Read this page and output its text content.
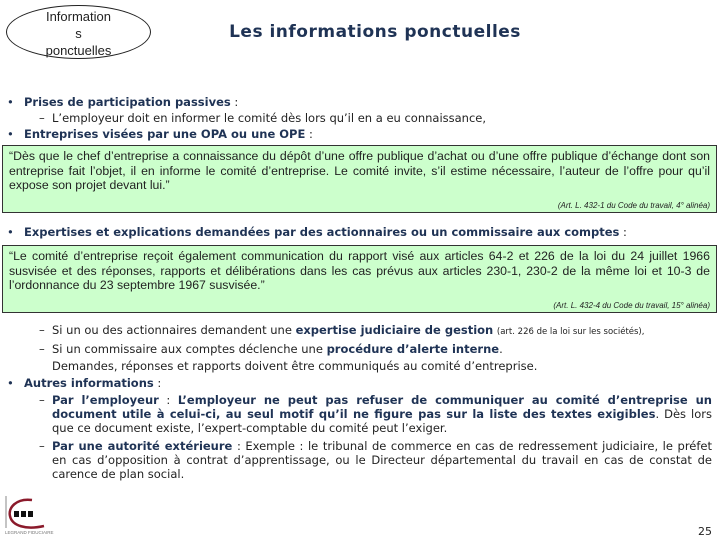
Information
s
ponctuelles
Les informations ponctuelles
• Prises de participation passives :
– L’employeur doit en informer le comité dès lors qu’il en a eu connaissance,
• Entreprises visées par une OPA ou une OPE :
“Dès que le chef d’entreprise a connaissance du dépôt d’une offre publique d’achat ou d’une offre publique d’échange dont son entreprise fait l’objet, il en informe le comité d’entreprise. Le comité invite, s’il estime nécessaire, l’auteur de l’offre pour qu’il expose son projet devant lui.”
(Art. L. 432-1 du Code du travail, 4° alinéa)
• Expertises et explications demandées par des actionnaires ou un commissaire aux comptes :
“Le comité d’entreprise reçoit également communication du rapport visé aux articles 64-2 et 226 de la loi du 24 juillet 1966 susvisée et des réponses, rapports et délibérations dans les cas prévus aux articles 230-1, 230-2 de la même loi et 10-3 de l’ordonnance du 23 septembre 1967 susvisée.”
(Art. L. 432-4 du Code du travail, 15° alinéa)
– Si un ou des actionnaires demandent une expertise judiciaire de gestion (art. 226 de la loi sur les sociétés),
– Si un commissaire aux comptes déclenche une procédure d’alerte interne.
Demandes, réponses et rapports doivent être communiqués au comité d’entreprise.
• Autres informations :
– Par l’employeur : L’employeur ne peut pas refuser de communiquer au comité d’entreprise un document utile à celui-ci, au seul motif qu’il ne figure pas sur la liste des textes exigibles. Dès lors que ce document existe, l’expert-comptable du comité peut l’exiger.
– Par une autorité extérieure : Exemple : le tribunal de commerce en cas de redressement judiciaire, le préfet en cas d’opposition à contrat d’apprentissage, ou le Directeur départemental du travail en cas de constat de carence de plan social.
LEGRAND FIDUCIAIRE	25
